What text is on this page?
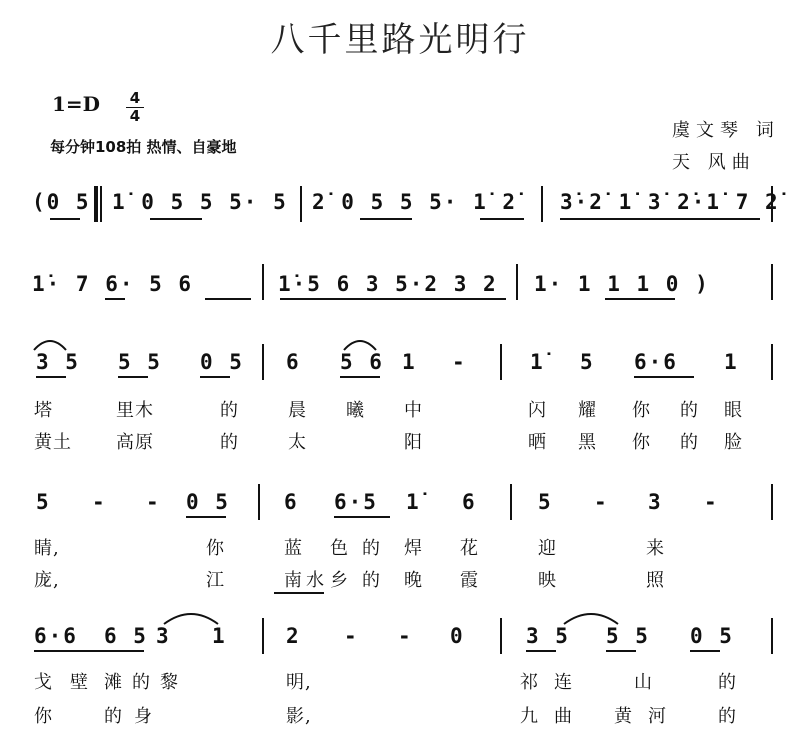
八千里路光明行
1=D 4
4
每分钟108拍 热情、自豪地
虞文琴 词
天 风曲
(0 5 1̇ 0 5 5 5· 5 2̇ 0 5 5 5· 1̇ 2̇ 3̇·2̇ 1̇ 3̇ 2̇·1̇ 7 2̇
1̇· 7 6· 5 6	1̇·5 6 3 5·2 3 2 1· 1 1 1 0 )
3 5 5 5 0 5 6 5 6 1 -	1̇ 5 6·6 1
塔	里木	的	晨 曦 中	闪 耀 你 的 眼
黄土 高原	的	太	阳	晒 黑 你 的 脸
5 - - 0 5	6 6·5 1̇ 6	5 - 3 -
睛,	你	蓝 色 的 焊 花	迎	来
庞,	江	南 水 乡 的 晚 霞	映	照
6·6 6 5 3 1	2 - - 0	3 5 5 5 0 5
戈 壁 滩 的 黎	明,	祁 连	山	的
你	的 身	影,	九 曲 黄 河	的
